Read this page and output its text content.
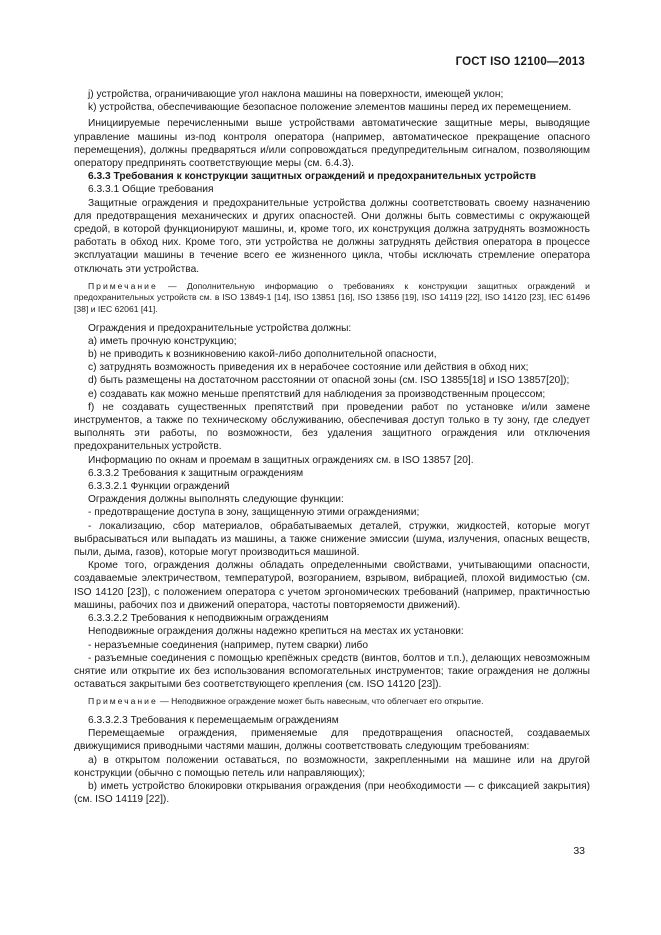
ГОСТ ISO 12100—2013

j) устройства, ограничивающие угол наклона машины на поверхности, имеющей уклон;

k) устройства, обеспечивающие безопасное положение элементов машины перед их перемещением.

Инициируемые перечисленными выше устройствами автоматические защитные меры, выводящие управление машины из-под контроля оператора (например, автоматическое прекращение опасного перемещения), должны предваряться и/или сопровождаться предупредительным сигналом, позволяющим оператору предпринять соответствующие меры (см. 6.4.3).

6.3.3 Требования к конструкции защитных ограждений и предохранительных устройств

6.3.3.1 Общие требования

Защитные ограждения и предохранительные устройства должны соответствовать своему назначению для предотвращения механических и других опасностей. Они должны быть совместимы с окружающей средой, в которой функционируют машины, и, кроме того, их конструкция должна затруднять возможность работать в обход них. Кроме того, эти устройства не должны затруднять действия оператора в процессе эксплуатации машины в течение всего ее жизненного цикла, чтобы исключать стремление оператора отключать эти устройства.

Примечание — Дополнительную информацию о требованиях к конструкции защитных ограждений и предохранительных устройств см. в ISO 13849-1 [14], ISO 13851 [16], ISO 13856 [19], ISO 14119 [22], ISO 14120 [23], IEC 61496 [38] и IEC 62061 [41].

Ограждения и предохранительные устройства должны:

а) иметь прочную конструкцию;

b) не приводить к возникновению какой-либо дополнительной опасности,

c) затруднять возможность приведения их в нерабочее состояние или действия в обход них;

d) быть размещены на достаточном расстоянии от опасной зоны (см. ISO 13855[18] и ISO 13857[20]);

е) создавать как можно меньше препятствий для наблюдения за производственным процессом;

f) не создавать существенных препятствий при проведении работ по установке и/или замене инструментов, а также по техническому обслуживанию, обеспечивая доступ только в ту зону, где следует выполнять эти работы, по возможности, без удаления защитного ограждения или отключения предохранительных устройств.

Информацию по окнам и проемам в защитных ограждениях см. в ISO 13857 [20].

6.3.3.2 Требования к защитным ограждениям

6.3.3.2.1 Функции ограждений

Ограждения должны выполнять следующие функции:

- предотвращение доступа в зону, защищенную этими ограждениями;

- локализацию, сбор материалов, обрабатываемых деталей, стружки, жидкостей, которые могут выбрасываться или выпадать из машины, а также снижение эмиссии (шума, излучения, опасных веществ, пыли, дыма, газов), которые могут производиться машиной.

Кроме того, ограждения должны обладать определенными свойствами, учитывающими опасности, создаваемые электричеством, температурой, возгоранием, взрывом, вибрацией, плохой видимостью (см. ISO 14120 [23]), с положением оператора с учетом эргономических требований (например, практичностью машины, рабочих поз и движений оператора, частоты повторяемости движений).

6.3.3.2.2 Требования к неподвижным ограждениям

Неподвижные ограждения должны надежно крепиться на местах их установки:

- неразъемные соединения (например, путем сварки) либо

- разъемные соединения с помощью крепёжных средств (винтов, болтов и т.п.), делающих невозможным снятие или открытие их без использования вспомогательных инструментов; такие ограждения не должны оставаться закрытыми без соответствующего крепления (см. ISO 14120 [23]).

Примечание — Неподвижное ограждение может быть навесным, что облегчает его открытие.

6.3.3.2.3 Требования к перемещаемым ограждениям

Перемещаемые ограждения, применяемые для предотвращения опасностей, создаваемых движущимися приводными частями машин, должны соответствовать следующим требованиям:

a) в открытом положении оставаться, по возможности, закрепленными на машине или на другой конструкции (обычно с помощью петель или направляющих);

b) иметь устройство блокировки открывания ограждения (при необходимости — с фиксацией закрытия) (см. ISO 14119 [22]).

33
